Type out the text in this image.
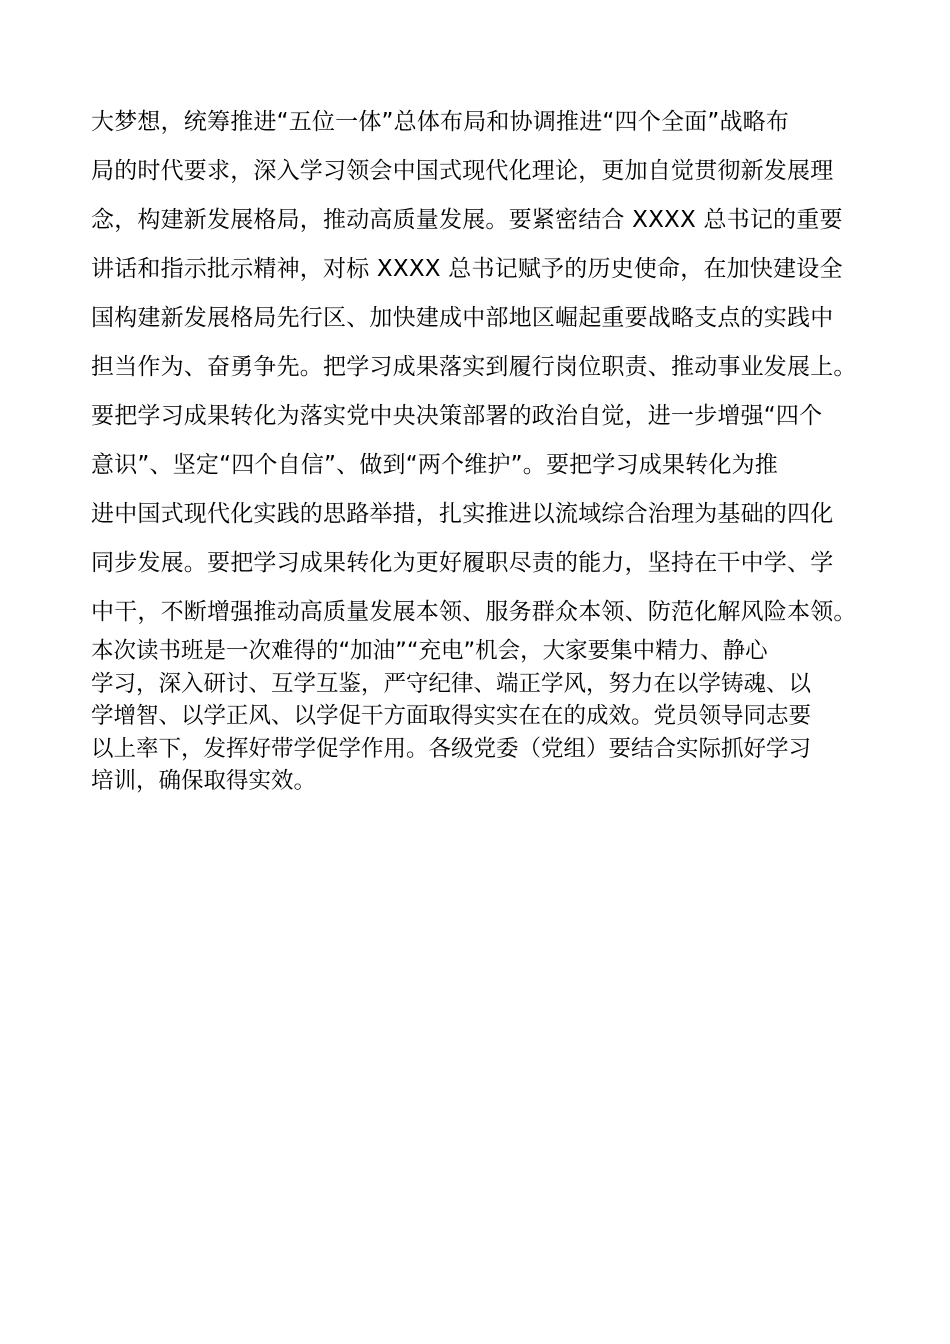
大梦想，统筹推进“五位一体”总体布局和协调推进“四个全面”战略布
局的时代要求，深入学习领会中国式现代化理论，更加自觉贯彻新发展理
念，构建新发展格局，推动高质量发展。要紧密结合 XXXX 总书记的重要
讲话和指示批示精神，对标 XXXX 总书记赋予的历史使命，在加快建设全
国构建新发展格局先行区、加快建成中部地区崛起重要战略支点的实践中
担当作为、奋勇争先。把学习成果落实到履行岗位职责、推动事业发展上。
要把学习成果转化为落实党中央决策部署的政治自觉，进一步增强“四个
意识”、坚定“四个自信”、做到“两个维护”。要把学习成果转化为推
进中国式现代化实践的思路举措，扎实推进以流域综合治理为基础的四化
同步发展。要把学习成果转化为更好履职尽责的能力，坚持在干中学、学
中干，不断增强推动高质量发展本领、服务群众本领、防范化解风险本领。
本次读书班是一次难得的“加油”“充电”机会，大家要集中精力、静心
学习，深入研讨、互学互鉴，严守纪律、端正学风，努力在以学铸魂、以
学增智、以学正风、以学促干方面取得实实在在的成效。党员领导同志要
以上率下，发挥好带学促学作用。各级党委（党组）要结合实际抓好学习
培训，确保取得实效。
